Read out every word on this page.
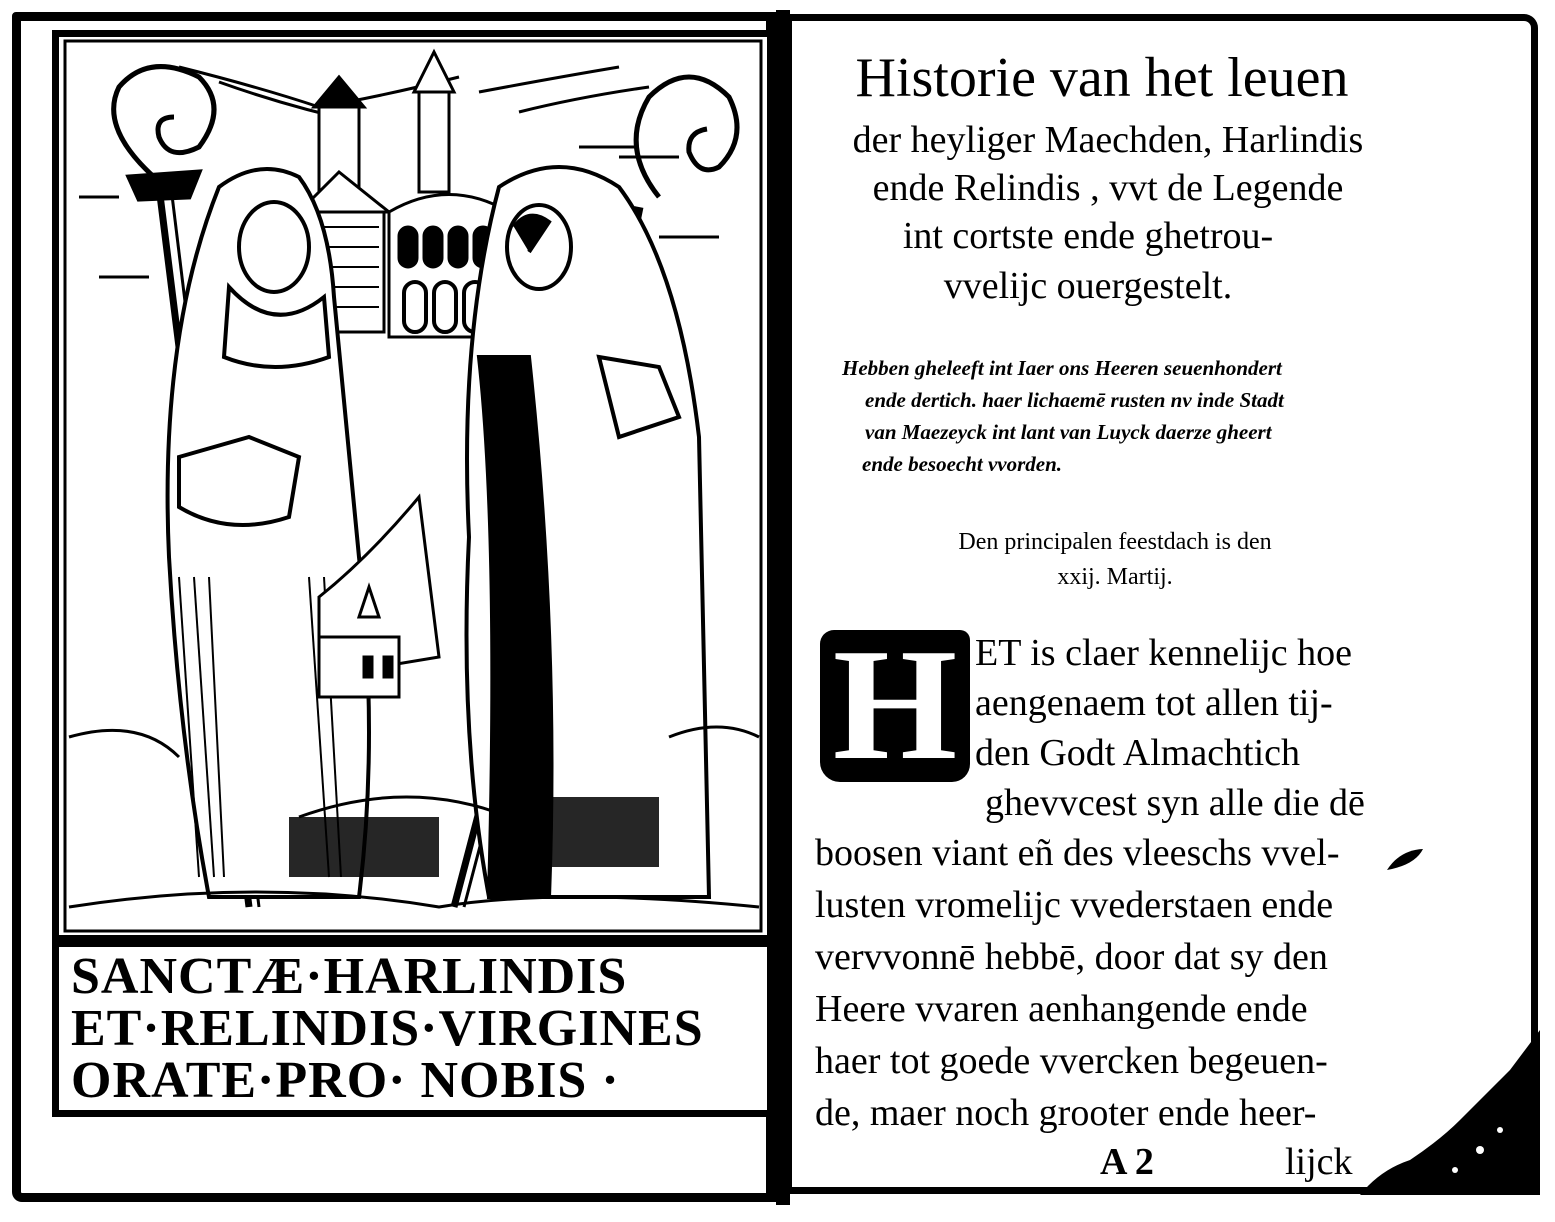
SANCTÆ·HARLINDIS
ET·RELINDIS·VIRGINES
ORATE·PRO· NOBIS ·
Historie van het leuen
der heyliger Maechden, Harlindis
ende Relindis , vvt de Legende
int cortste ende ghetrou-
vvelijc ouergestelt.
Hebben gheleeft int Iaer ons Heeren seuenhondert
ende dertich. haer lichaemē rusten nv inde Stadt
van Maezeyck int lant van Luyck daerze gheert
ende besoecht vvorden.
Den principalen feestdach is den
xxij. Martij.
H ET is claer kennelijc hoe
aengenaem tot allen tij-
den Godt Almachtich
ghevvcest syn alle die dē
boosen viant eñ des vleeschs vvel-
lusten vromelijc vvederstaen ende
vervvonnē hebbē, door dat sy den
Heere vvaren aenhangende ende
haer tot goede vvercken begeuen-
de, maer noch grooter ende heer-
A 2	lijck
